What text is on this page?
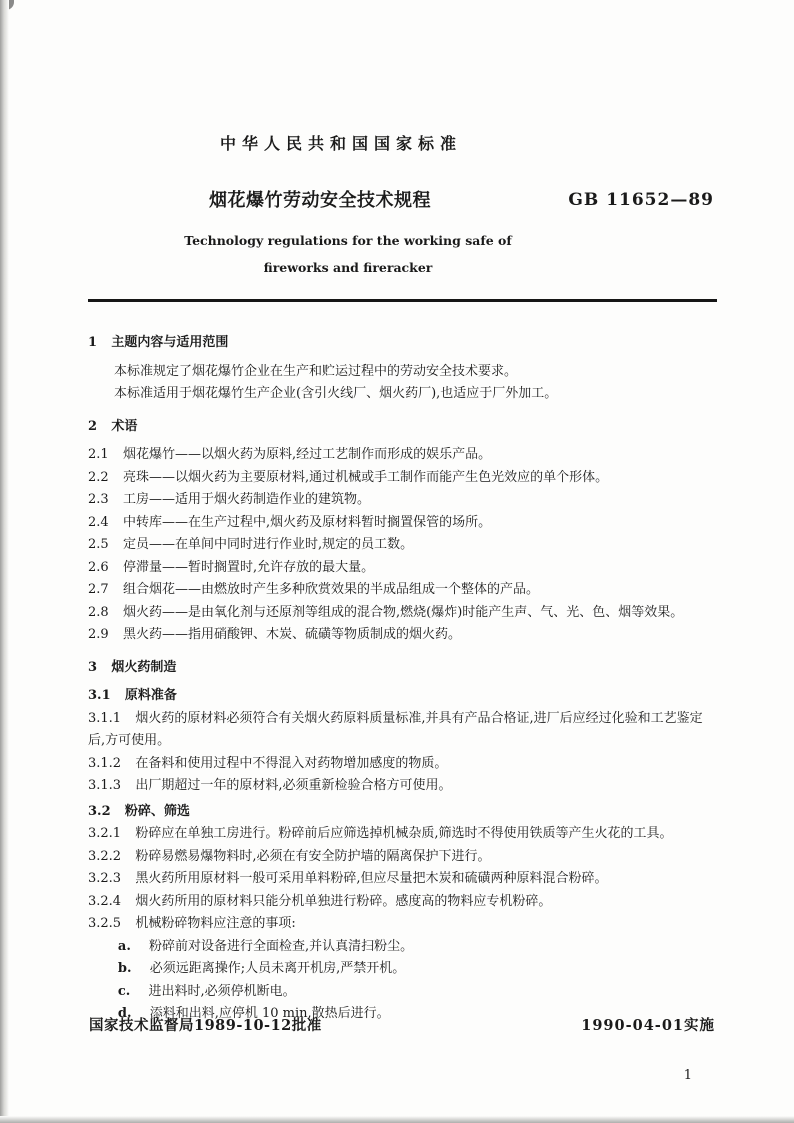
中华人民共和国国家标准
烟花爆竹劳动安全技术规程	GB 11652—89
Technology regulations for the working safe of
fireworks and fireracker

1 主题内容与适用范围

本标准规定了烟花爆竹企业在生产和贮运过程中的劳动安全技术要求。

本标准适用于烟花爆竹生产企业(含引火线厂、烟火药厂),也适应于厂外加工。

2 术语

2.1 烟花爆竹——以烟火药为原料,经过工艺制作而形成的娱乐产品。

2.2 亮珠——以烟火药为主要原材料,通过机械或手工制作而能产生色光效应的单个形体。

2.3 工房——适用于烟火药制造作业的建筑物。

2.4 中转库——在生产过程中,烟火药及原材料暂时搁置保管的场所。

2.5 定员——在单间中同时进行作业时,规定的员工数。

2.6 停滞量——暂时搁置时,允许存放的最大量。

2.7 组合烟花——由燃放时产生多种欣赏效果的半成品组成一个整体的产品。

2.8 烟火药——是由氧化剂与还原剂等组成的混合物,燃烧(爆炸)时能产生声、气、光、色、烟等效果。

2.9 黑火药——指用硝酸钾、木炭、硫磺等物质制成的烟火药。

3 烟火药制造

3.1 原料准备

3.1.1 烟火药的原材料必须符合有关烟火药原料质量标准,并具有产品合格证,进厂后应经过化验和工艺鉴定后,方可使用。

3.1.2 在备料和使用过程中不得混入对药物增加感度的物质。

3.1.3 出厂期超过一年的原材料,必须重新检验合格方可使用。

3.2 粉碎、筛选

3.2.1 粉碎应在单独工房进行。粉碎前后应筛选掉机械杂质,筛选时不得使用铁质等产生火花的工具。

3.2.2 粉碎易燃易爆物料时,必须在有安全防护墙的隔离保护下进行。

3.2.3 黑火药所用原材料一般可采用单料粉碎,但应尽量把木炭和硫磺两种原料混合粉碎。

3.2.4 烟火药所用的原材料只能分机单独进行粉碎。感度高的物料应专机粉碎。

3.2.5 机械粉碎物料应注意的事项:

a. 粉碎前对设备进行全面检查,并认真清扫粉尘。

b. 必须远距离操作;人员未离开机房,严禁开机。

c. 进出料时,必须停机断电。

d. 添料和出料,应停机 10 min,散热后进行。

国家技术监督局1989-10-12批准	1990-04-01实施
1
